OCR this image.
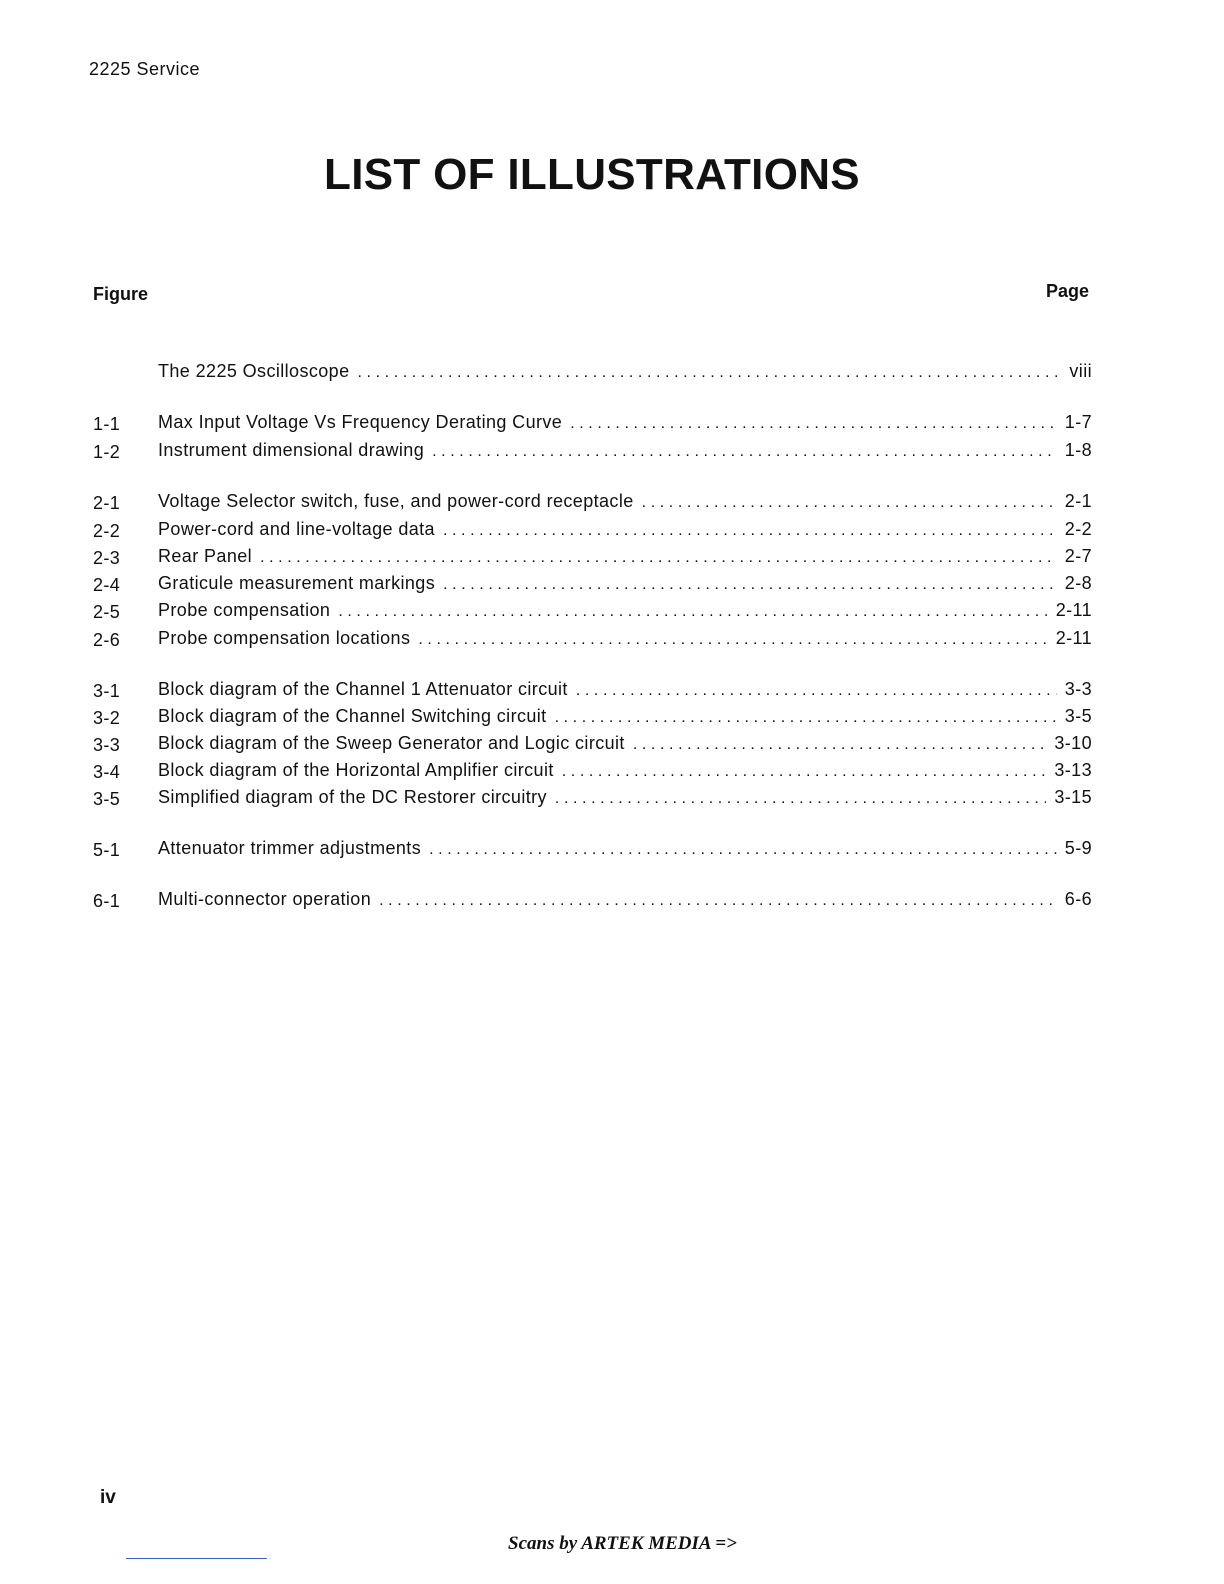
2225 Service
LIST OF ILLUSTRATIONS
Figure	Page
The 2225 Oscilloscope .....	viii
1-1 Max Input Voltage Vs Frequency Derating Curve .....	1-7
1-2 Instrument dimensional drawing .....	1-8
2-1 Voltage Selector switch, fuse, and power-cord receptacle .....	2-1
2-2 Power-cord and line-voltage data .....	2-2
2-3 Rear Panel .....	2-7
2-4 Graticule measurement markings .....	2-8
2-5 Probe compensation .....	2-11
2-6 Probe compensation locations .....	2-11
3-1 Block diagram of the Channel 1 Attenuator circuit .....	3-3
3-2 Block diagram of the Channel Switching circuit .....	3-5
3-3 Block diagram of the Sweep Generator and Logic circuit .....	3-10
3-4 Block diagram of the Horizontal Amplifier circuit .....	3-13
3-5 Simplified diagram of the DC Restorer circuitry .....	3-15
5-1 Attenuator trimmer adjustments .....	5-9
6-1 Multi-connector operation .....	6-6
iv
Scans by ARTEK MEDIA =>
